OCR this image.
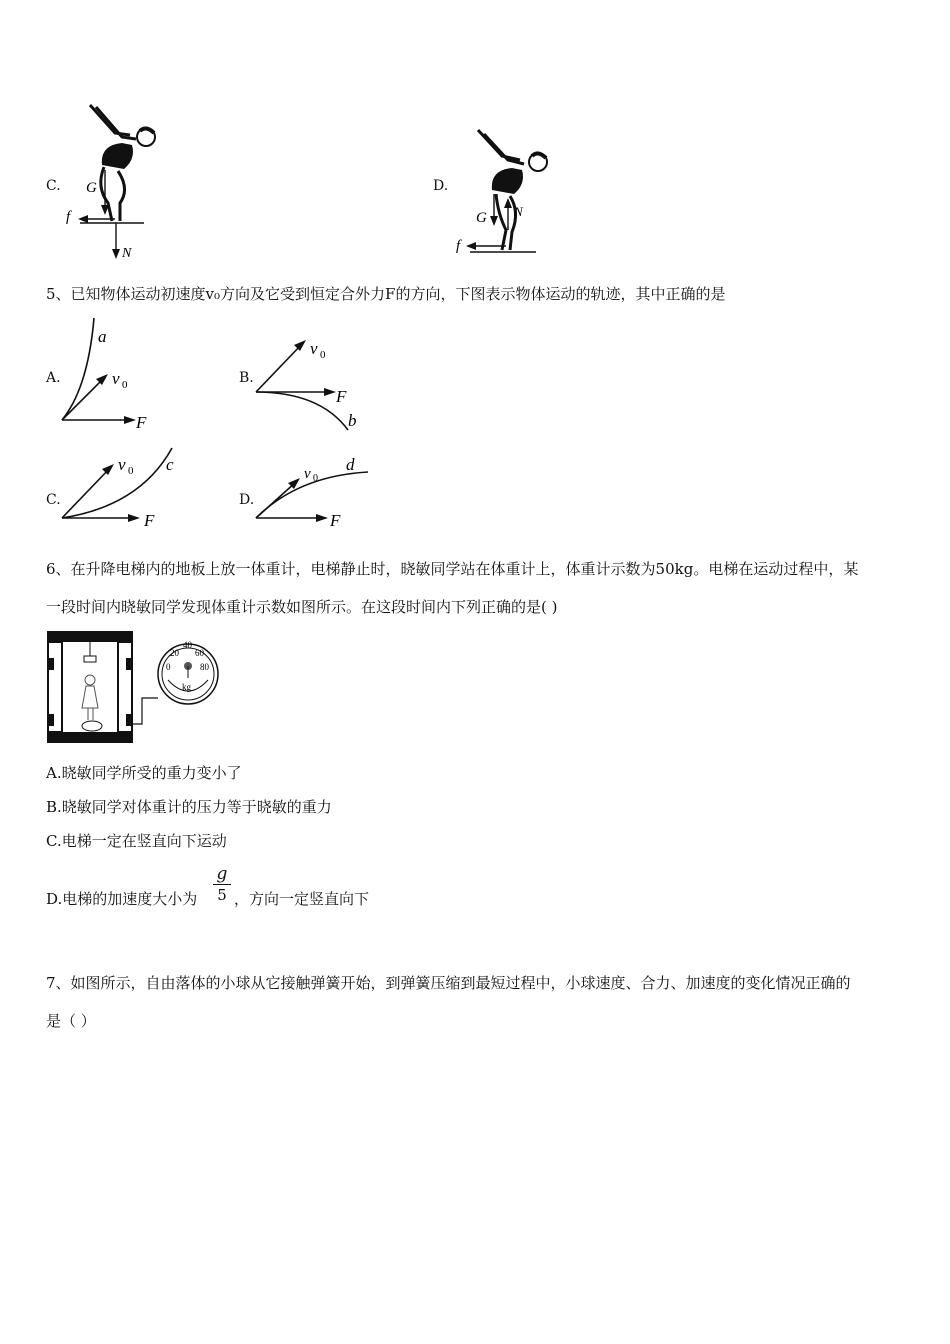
C. G
f
N
D.
G N
f
5、已知物体运动初速度v₀方向及它受到恒定合外力F的方向，下图表示物体运动的轨迹，其中正确的是
A.
a
v 0
F
B.
v 0
F
b
C.
v 0 c
F
D.
v 0
d
F
6、在升降电梯内的地板上放一体重计，电梯静止时，晓敏同学站在体重计上，体重计示数为50kg。电梯在运动过程中，某
一段时间内晓敏同学发现体重计示数如图所示。在这段时间内下列正确的是( )
20
40
60
0	80
kg
A.晓敏同学所受的重力变小了
B.晓敏同学对体重计的压力等于晓敏的重力
C.电梯一定在竖直向下运动
D.电梯的加速度大小为 $\frac{g}{5}$ ，方向一定竖直向下
7、如图所示，自由落体的小球从它接触弹簧开始，到弹簧压缩到最短过程中，小球速度、合力、加速度的变化情况正确的
是（ ）
